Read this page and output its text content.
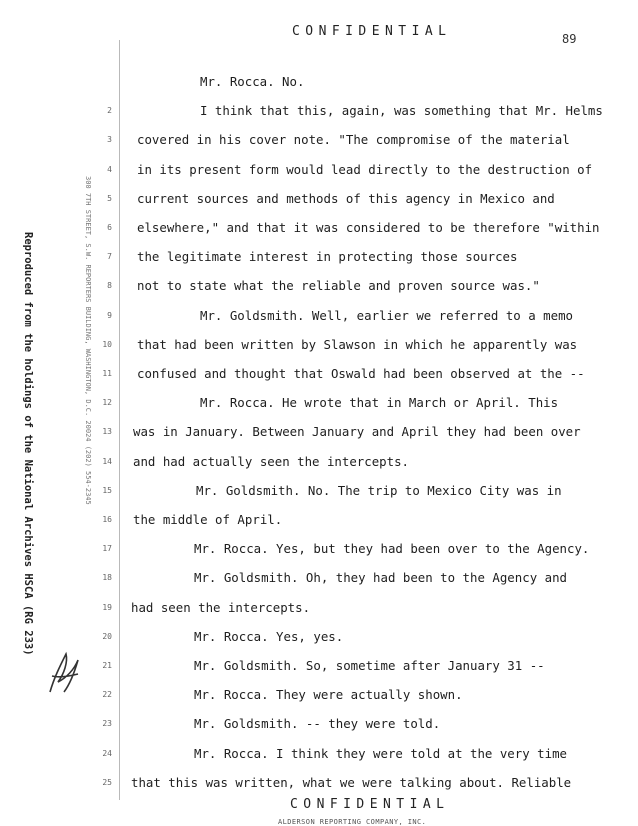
CONFIDENTIAL	89
Reproduced from the holdings of the National Archives HSCA (RG 233)	300 7TH STREET, S.W. REPORTERS BUILDING, WASHINGTON, D.C. 20024 (202) 554-2345
Mr. Rocca. No.
2	I think that this, again, was something that Mr. Helms
3 covered in his cover note. "The compromise of the material
4 in its present form would lead directly to the destruction of
5 current sources and methods of this agency in Mexico and
6 elsewhere," and that it was considered to be therefore "within
7 the legitimate interest in protecting those sources
8 not to state what the reliable and proven source was."
9	Mr. Goldsmith. Well, earlier we referred to a memo
10 that had been written by Slawson in which he apparently was
11 confused and thought that Oswald had been observed at the --
12	Mr. Rocca. He wrote that in March or April. This
13 was in January. Between January and April they had been over
14 and had actually seen the intercepts.
15	Mr. Goldsmith. No. The trip to Mexico City was in
16 the middle of April.
17	Mr. Rocca. Yes, but they had been over to the Agency.
18	Mr. Goldsmith. Oh, they had been to the Agency and
19 had seen the intercepts.
20	Mr. Rocca. Yes, yes.
21	Mr. Goldsmith. So, sometime after January 31 --
22	Mr. Rocca. They were actually shown.
23	Mr. Goldsmith. -- they were told.
24	Mr. Rocca. I think they were told at the very time
25 that this was written, what we were talking about. Reliable
CONFIDENTIAL
ALDERSON REPORTING COMPANY, INC.
